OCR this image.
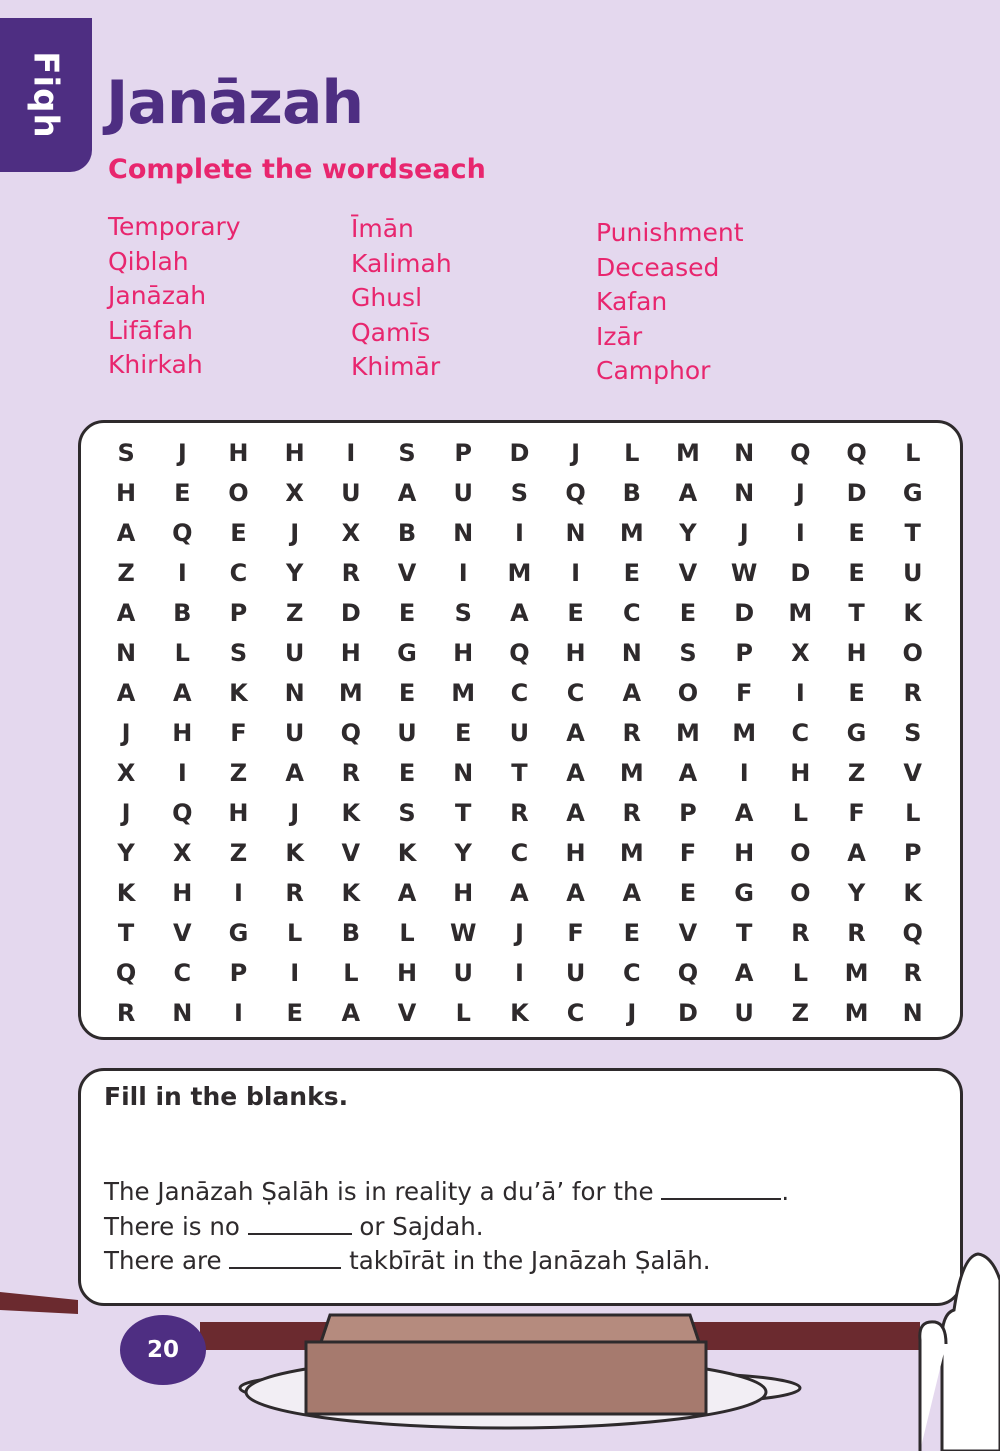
Fiqh Janāzah
Complete the wordseach
Temporary
Qiblah
Janāzah
Lifāfah
Khirkah
Īmān
Kalimah
Ghusl
Qamīs
Khimār
Punishment
Deceased
Kafan
Izār
Camphor
S	J	H	H	I	S	P	D	J	L	M	N	Q	Q	L
H	E	O	X	U	A	U	S	Q	B	A	N	J	D	G
A	Q	E	J	X	B	N	I	N	M	Y	J	I	E	T
Z	I	C	Y	R	V	I	M	I	E	V	W	D	E	U
A	B	P	Z	D	E	S	A	E	C	E	D	M	T	K
N	L	S	U	H	G	H	Q	H	N	S	P	X	H	O
A	A	K	N	M	E	M	C	C	A	O	F	I	E	R
J	H	F	U	Q	U	E	U	A	R	M	M	C	G	S
X	I	Z	A	R	E	N	T	A	M	A	I	H	Z	V
J	Q	H	J	K	S	T	R	A	R	P	A	L	F	L
Y	X	Z	K	V	K	Y	C	H	M	F	H	O	A	P
K	H	I	R	K	A	H	A	A	A	E	G	O	Y	K
T	V	G	L	B	L	W	J	F	E	V	T	R	R	Q
Q	C	P	I	L	H	U	I	U	C	Q	A	L	M	R
R	N	I	E	A	V	L	K	C	J	D	U	Z	M	N
Fill in the blanks.
The Janāzah Ṣalāh is in reality a du’ā’ for the	.
There is no	or Sajdah.
There are	takbīrāt in the Janāzah Ṣalāh.
20
